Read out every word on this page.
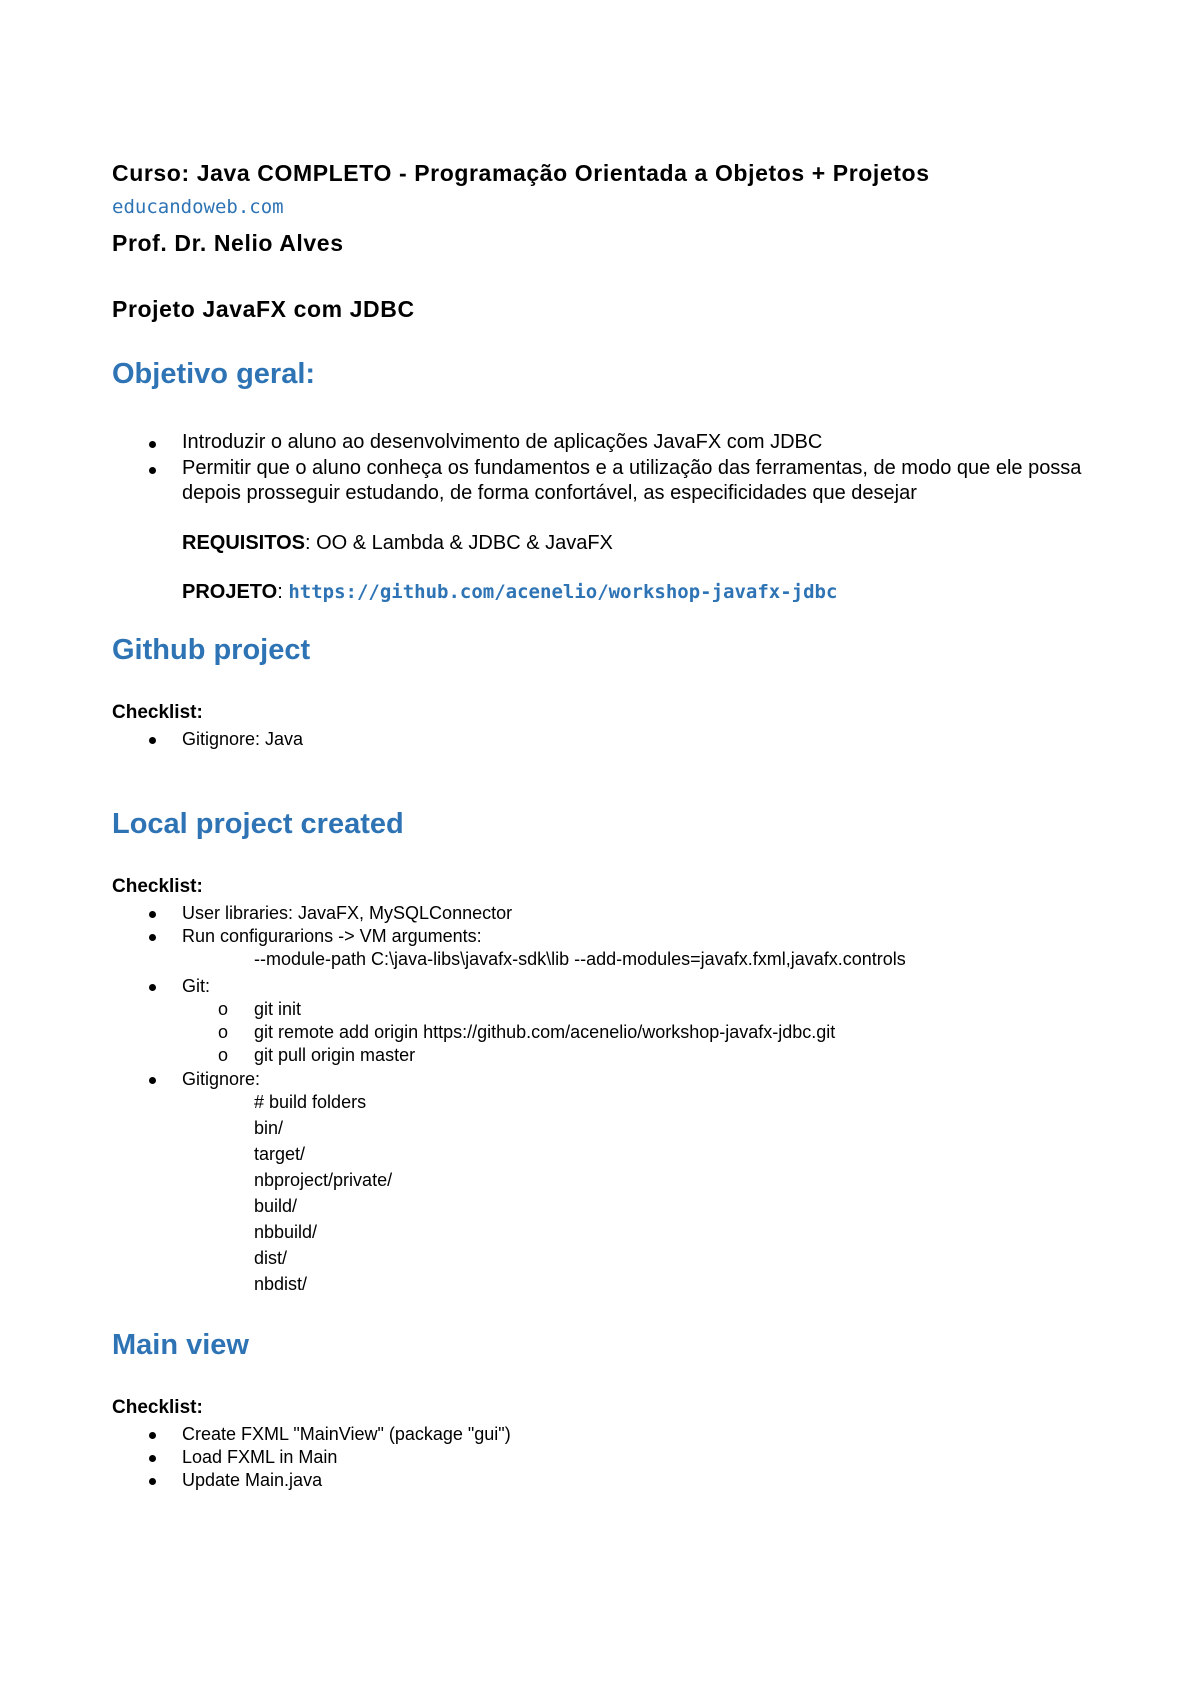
Curso: Java COMPLETO - Programação Orientada a Objetos + Projetos
educandoweb.com
Prof. Dr. Nelio Alves
Projeto JavaFX com JDBC
Objetivo geral:
Introduzir o aluno ao desenvolvimento de aplicações JavaFX com JDBC
Permitir que o aluno conheça os fundamentos e a utilização das ferramentas, de modo que ele possa
depois prosseguir estudando, de forma confortável, as especificidades que desejar
REQUISITOS: OO & Lambda & JDBC & JavaFX
PROJETO: https://github.com/acenelio/workshop-javafx-jdbc
Github project
Checklist:
Gitignore: Java
Local project created
Checklist:
User libraries: JavaFX, MySQLConnector
Run configurarions -> VM arguments:
--module-path C:\java-libs\javafx-sdk\lib --add-modules=javafx.fxml,javafx.controls
Git:
o git init
o git remote add origin https://github.com/acenelio/workshop-javafx-jdbc.git
o git pull origin master
Gitignore:
# build folders
bin/
target/
nbproject/private/
build/
nbbuild/
dist/
nbdist/
Main view
Checklist:
Create FXML "MainView" (package "gui")
Load FXML in Main
Update Main.java
